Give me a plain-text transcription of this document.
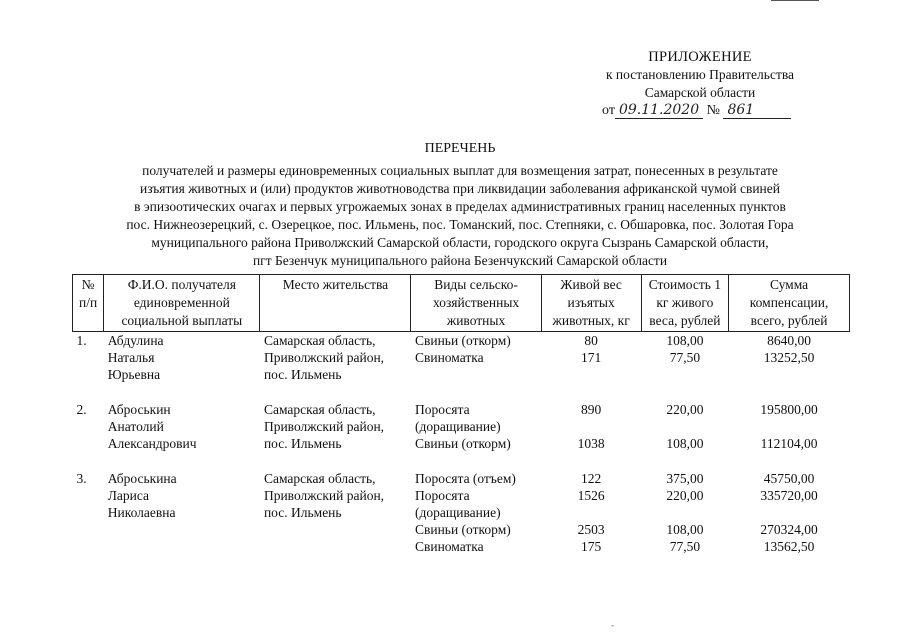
ПРИЛОЖЕНИЕ
к постановлению Правительства
Самарской области
от 09.11.2020 № 861
ПЕРЕЧЕНЬ
получателей и размеры единовременных социальных выплат для возмещения затрат, понесенных в результате
изъятия животных и (или) продуктов животноводства при ликвидации заболевания африканской чумой свиней
в эпизоотических очагах и первых угрожаемых зонах в пределах административных границ населенных пунктов
пос. Нижнеозерецкий, с. Озерецкое, пос. Ильмень, пос. Томанский, пос. Степняки, с. Обшаровка, пос. Золотая Гора
муниципального района Приволжский Самарской области, городского округа Сызрань Самарской области,
пгт Безенчук муниципального района Безенчукский Самарской области
№ п/п	Ф.И.О. получателя единовременной социальной выплаты	Место жительства	Виды сельско-хозяйственных животных	Живой вес изъятых животных, кг	Стоимость 1 кг живого веса, рублей	Сумма компенсации, всего, рублей
1.	Абдулина	Самарская область,	Свиньи (откорм)	80	108,00	8640,00
	Наталья	Приволжский район,	Свиноматка	171	77,50	13252,50
	Юрьевна	пос. Ильмень				

2.	Аброськин	Самарская область,	Поросята	890	220,00	195800,00
	Анатолий	Приволжский район,	(доращивание)			
	Александрович	пос. Ильмень	Свиньи (откорм)	1038	108,00	112104,00

3.	Аброськина	Самарская область,	Поросята (отъем)	122	375,00	45750,00
	Лариса	Приволжский район,	Поросята	1526	220,00	335720,00
	Николаевна	пос. Ильмень	(доращивание)			
			Свиньи (откорм)	2503	108,00	270324,00
			Свиноматка	175	77,50	13562,50
-
